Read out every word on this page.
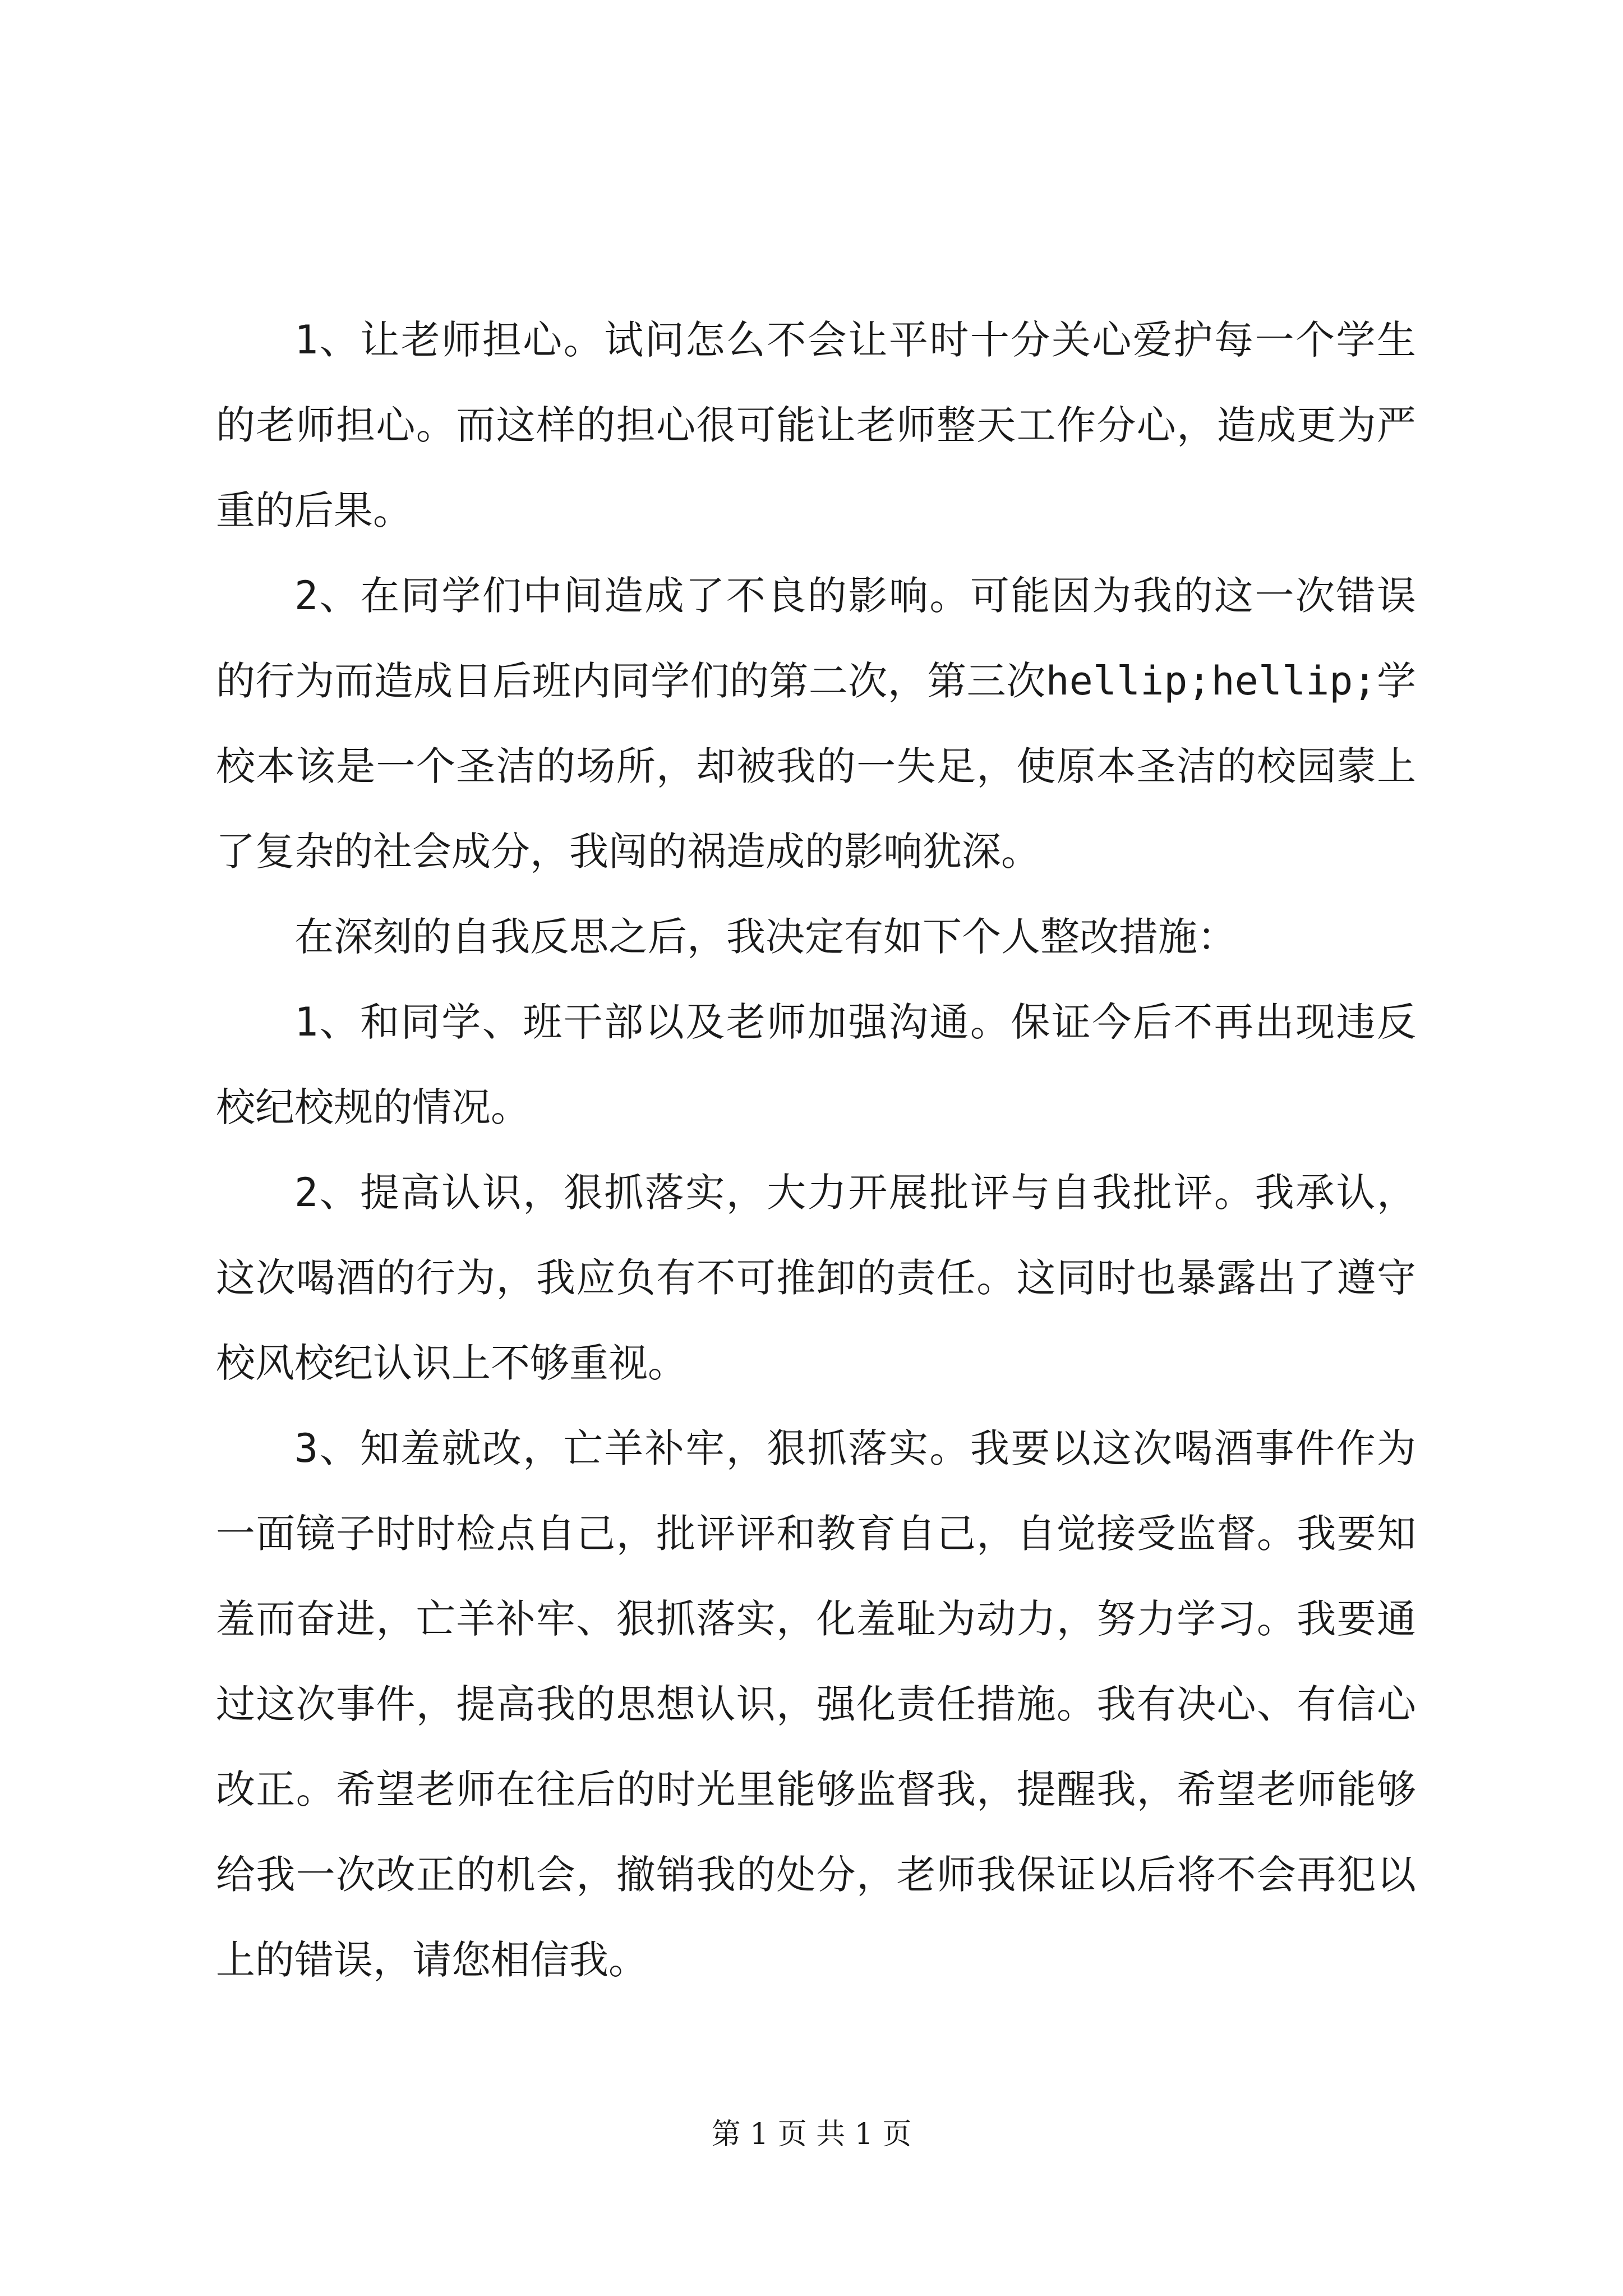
1、让老师担心。试问怎么不会让平时十分关心爱护每一个学生的老师担心。而这样的担心很可能让老师整天工作分心，造成更为严重的后果。

2、在同学们中间造成了不良的影响。可能因为我的这一次错误的行为而造成日后班内同学们的第二次，第三次hellip;hellip;学校本该是一个圣洁的场所，却被我的一失足，使原本圣洁的校园蒙上了复杂的社会成分，我闯的祸造成的影响犹深。

在深刻的自我反思之后，我决定有如下个人整改措施：

1、和同学、班干部以及老师加强沟通。保证今后不再出现违反校纪校规的情况。

2、提高认识，狠抓落实，大力开展批评与自我批评。我承认，这次喝酒的行为，我应负有不可推卸的责任。这同时也暴露出了遵守校风校纪认识上不够重视。

3、知羞就改，亡羊补牢，狠抓落实。我要以这次喝酒事件作为一面镜子时时检点自己，批评评和教育自己，自觉接受监督。我要知羞而奋进，亡羊补牢、狠抓落实，化羞耻为动力，努力学习。我要通过这次事件，提高我的思想认识，强化责任措施。我有决心、有信心改正。希望老师在往后的时光里能够监督我，提醒我，希望老师能够给我一次改正的机会，撤销我的处分，老师我保证以后将不会再犯以上的错误，请您相信我。

第 1 页 共 1 页
